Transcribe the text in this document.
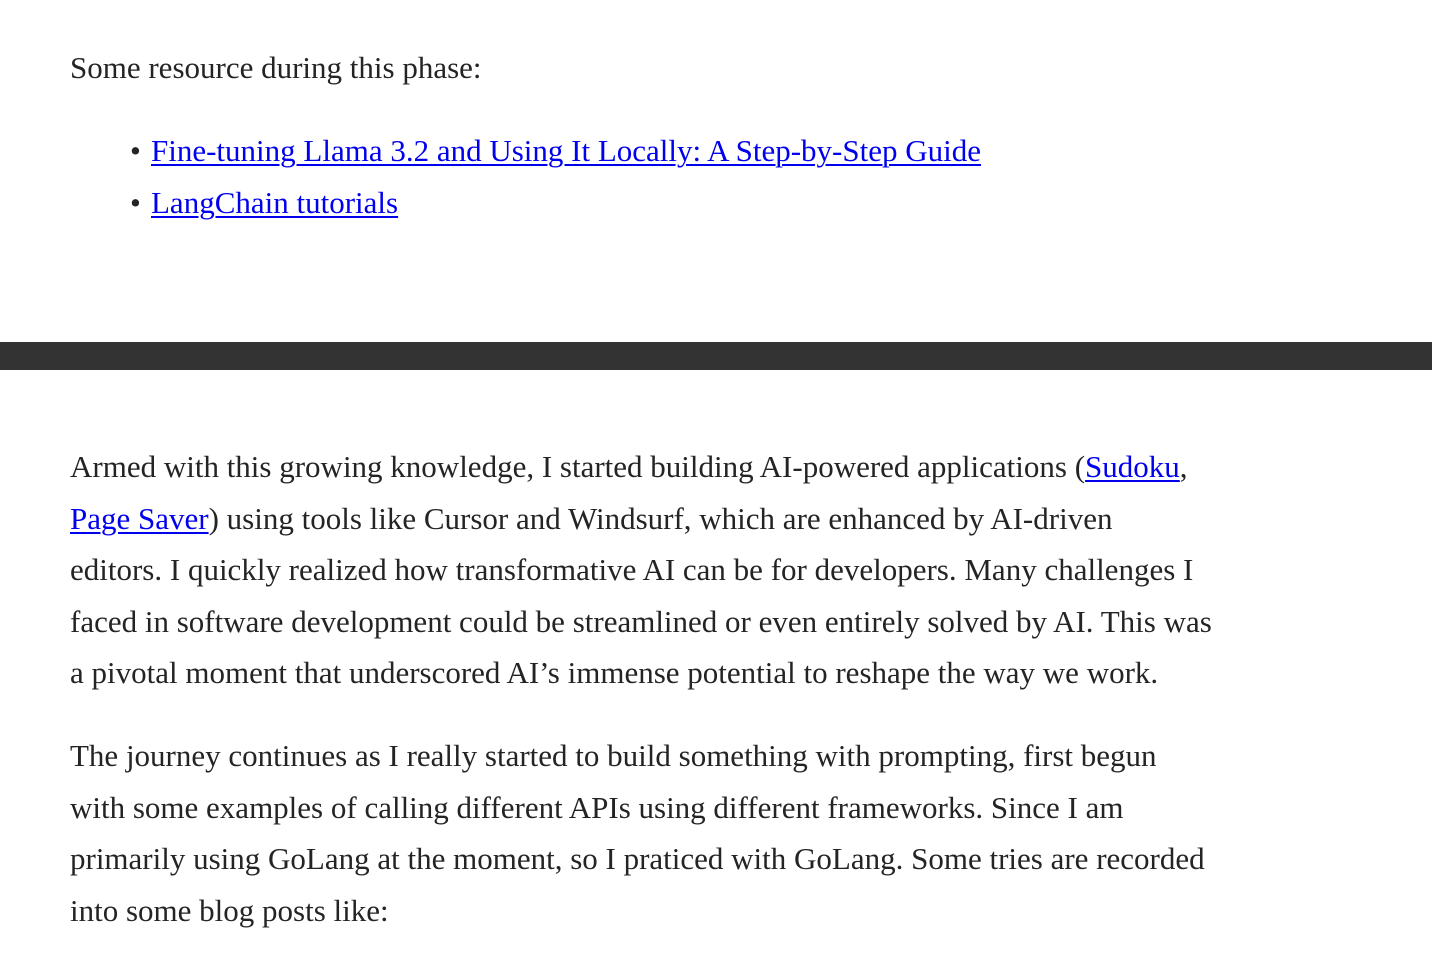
Some resource during this phase:

• Fine-tuning Llama 3.2 and Using It Locally: A Step-by-Step Guide
• LangChain tutorials

Armed with this growing knowledge, I started building AI-powered applications (Sudoku,
Page Saver) using tools like Cursor and Windsurf, which are enhanced by AI-driven
editors. I quickly realized how transformative AI can be for developers. Many challenges I
faced in software development could be streamlined or even entirely solved by AI. This was
a pivotal moment that underscored AI’s immense potential to reshape the way we work.

The journey continues as I really started to build something with prompting, first begun
with some examples of calling different APIs using different frameworks. Since I am
primarily using GoLang at the moment, so I praticed with GoLang. Some tries are recorded
into some blog posts like:
